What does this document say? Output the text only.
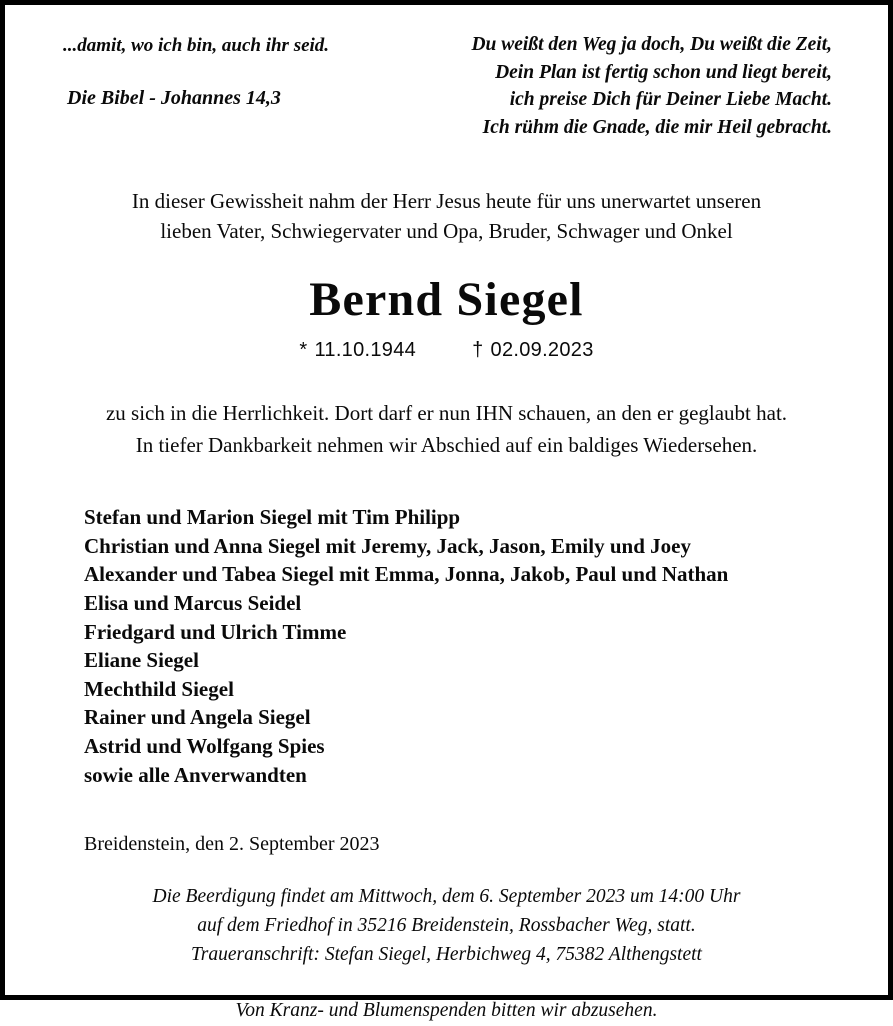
...damit, wo ich bin, auch ihr seid.

Die Bibel - Johannes 14,3

Du weißt den Weg ja doch, Du weißt die Zeit,

Dein Plan ist fertig schon und liegt bereit,

ich preise Dich für Deiner Liebe Macht.

Ich rühm die Gnade, die mir Heil gebracht.

In dieser Gewissheit nahm der Herr Jesus heute für uns unerwartet unseren

lieben Vater, Schwiegervater und Opa, Bruder, Schwager und Onkel

Bernd Siegel
* 11.10.1944	† 02.09.2023

zu sich in die Herrlichkeit. Dort darf er nun IHN schauen, an den er geglaubt hat.

In tiefer Dankbarkeit nehmen wir Abschied auf ein baldiges Wiedersehen.

Stefan und Marion Siegel mit Tim Philipp

Christian und Anna Siegel mit Jeremy, Jack, Jason, Emily und Joey

Alexander und Tabea Siegel mit Emma, Jonna, Jakob, Paul und Nathan

Elisa und Marcus Seidel

Friedgard und Ulrich Timme

Eliane Siegel

Mechthild Siegel

Rainer und Angela Siegel

Astrid und Wolfgang Spies

sowie alle Anverwandten

Breidenstein, den 2. September 2023

Die Beerdigung findet am Mittwoch, dem 6. September 2023 um 14:00 Uhr

auf dem Friedhof in 35216 Breidenstein, Rossbacher Weg, statt.

Traueranschrift: Stefan Siegel, Herbichweg 4, 75382 Althengstett

Von Kranz- und Blumenspenden bitten wir abzusehen.
